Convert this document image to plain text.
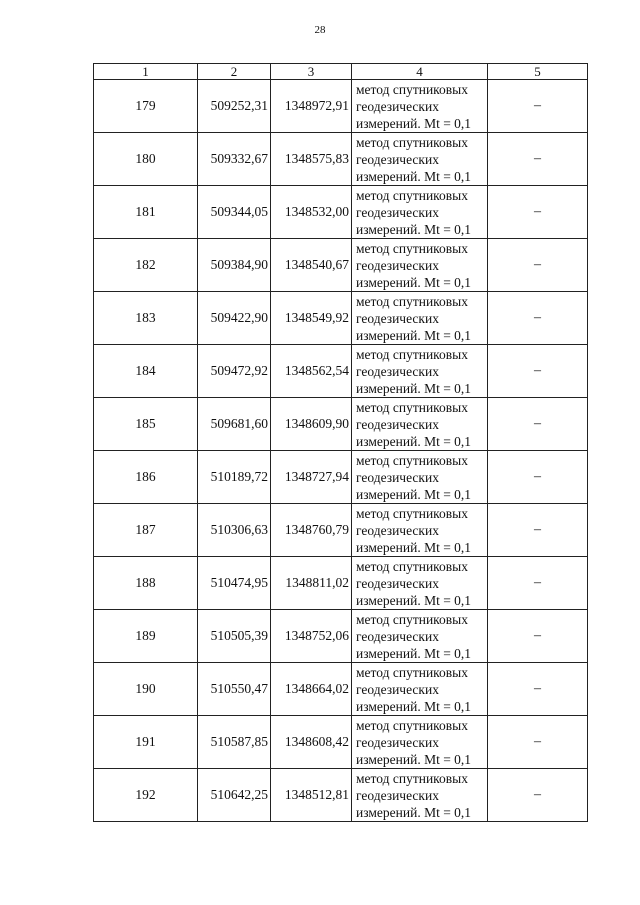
28
1	2	3	4	5
179	509252,31	1348972,91	метод спутниковых
геодезических
измерений. Mt = 0,1	–
180	509332,67	1348575,83	метод спутниковых
геодезических
измерений. Mt = 0,1	–
181	509344,05	1348532,00	метод спутниковых
геодезических
измерений. Mt = 0,1	–
182	509384,90	1348540,67	метод спутниковых
геодезических
измерений. Mt = 0,1	–
183	509422,90	1348549,92	метод спутниковых
геодезических
измерений. Mt = 0,1	–
184	509472,92	1348562,54	метод спутниковых
геодезических
измерений. Mt = 0,1	–
185	509681,60	1348609,90	метод спутниковых
геодезических
измерений. Mt = 0,1	–
186	510189,72	1348727,94	метод спутниковых
геодезических
измерений. Mt = 0,1	–
187	510306,63	1348760,79	метод спутниковых
геодезических
измерений. Mt = 0,1	–
188	510474,95	1348811,02	метод спутниковых
геодезических
измерений. Mt = 0,1	–
189	510505,39	1348752,06	метод спутниковых
геодезических
измерений. Mt = 0,1	–
190	510550,47	1348664,02	метод спутниковых
геодезических
измерений. Mt = 0,1	–
191	510587,85	1348608,42	метод спутниковых
геодезических
измерений. Mt = 0,1	–
192	510642,25	1348512,81	метод спутниковых
геодезических
измерений. Mt = 0,1	–
